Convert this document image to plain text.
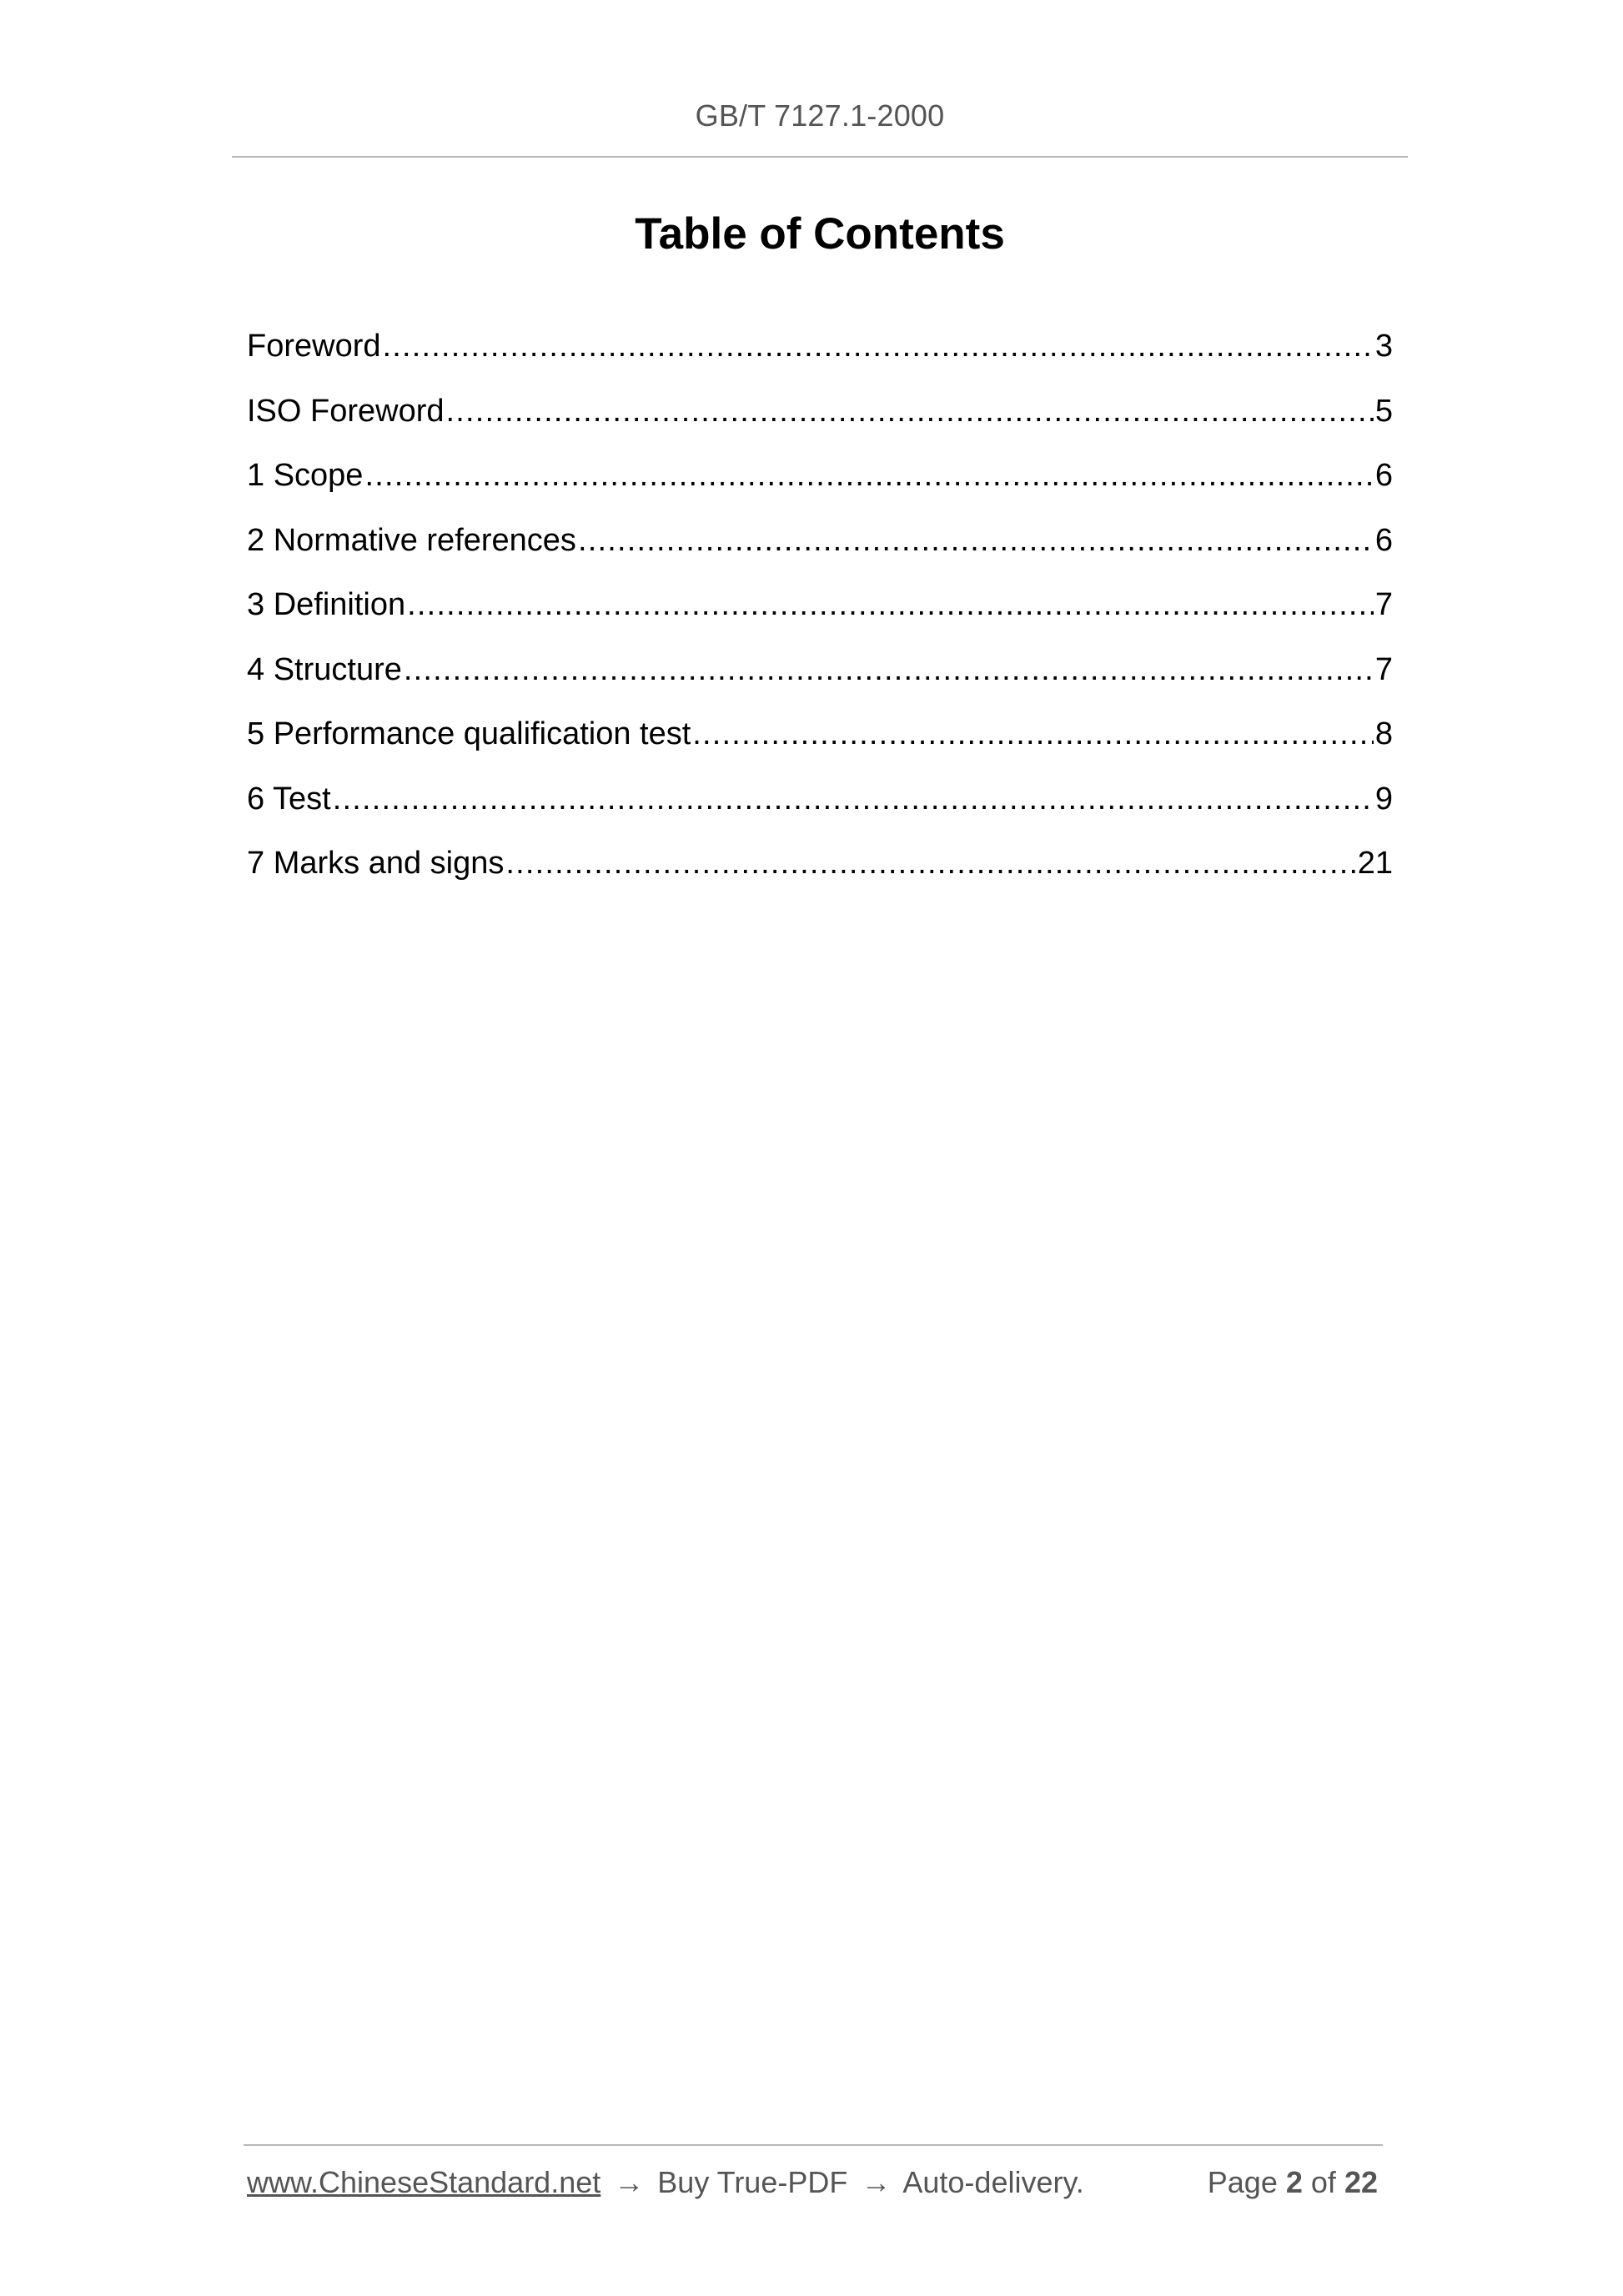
GB/T 7127.1-2000
Table of Contents
Foreword .....	3
ISO Foreword .....	5
1 Scope .....	6
2 Normative references .....	6
3 Definition .....	7
4 Structure .....	7
5 Performance qualification test .....	8
6 Test .....	9
7 Marks and signs .....	21
www.ChineseStandard.net → Buy True-PDF → Auto-delivery.	Page 2 of 22
